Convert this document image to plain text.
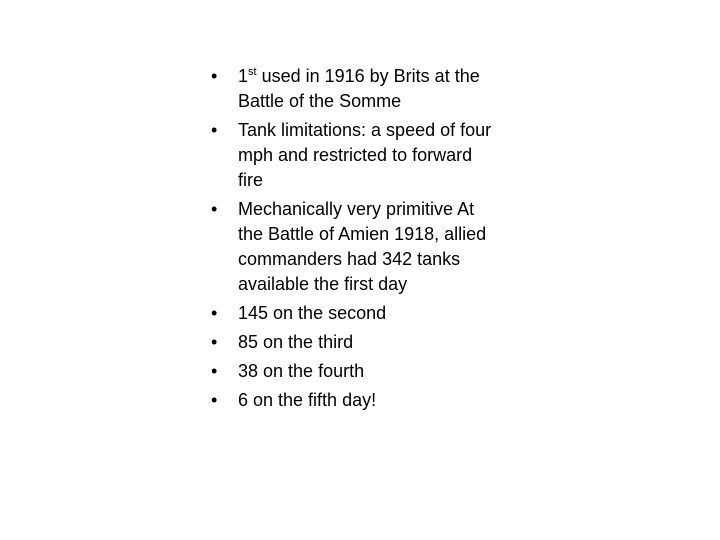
• 1st used in 1916 by Brits at the Battle of the Somme
• Tank limitations: a speed of four mph and restricted to forward fire
• Mechanically very primitive At the Battle of Amien 1918, allied commanders had 342 tanks available the first day
• 145 on the second
• 85 on the third
• 38 on the fourth
• 6 on the fifth day!
